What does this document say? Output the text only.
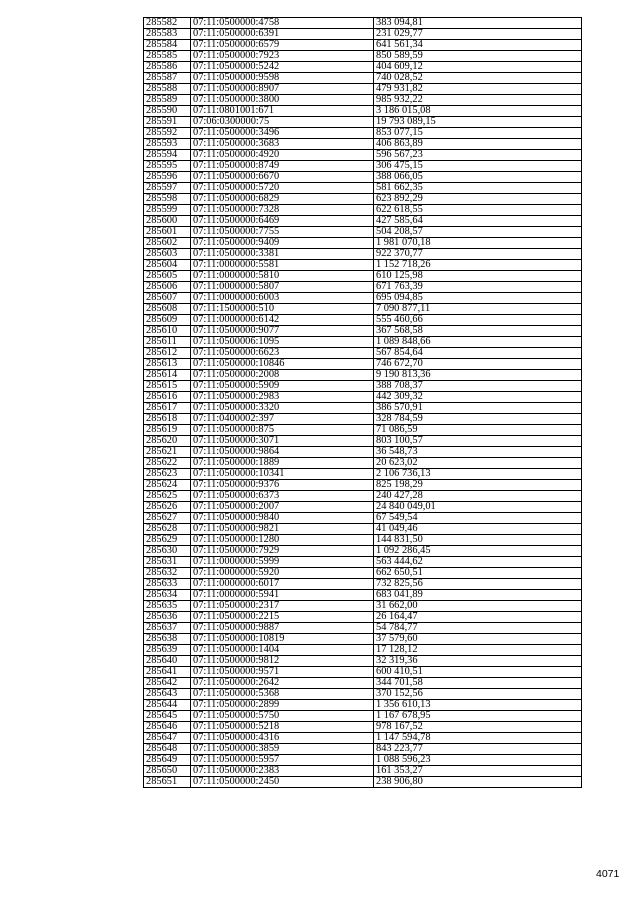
285582	07:11:0500000:4758	383 094,81
285583	07:11:0500000:6391	231 029,77
285584	07:11:0500000:6579	641 561,34
285585	07:11:0500000:7923	850 589,59
285586	07:11:0500000:5242	404 609,12
285587	07:11:0500000:9598	740 028,52
285588	07:11:0500000:8907	479 931,82
285589	07:11:0500000:3800	985 932,22
285590	07:11:0801001:671	3 186 015,08
285591	07:06:0300000:75	19 793 089,15
285592	07:11:0500000:3496	853 077,15
285593	07:11:0500000:3683	406 863,89
285594	07:11:0500000:4920	596 567,23
285595	07:11:0500000:8749	306 475,15
285596	07:11:0500000:6670	388 066,05
285597	07:11:0500000:5720	581 662,35
285598	07:11:0500000:6829	623 892,29
285599	07:11:0500000:7328	622 618,55
285600	07:11:0500000:6469	427 585,64
285601	07:11:0500000:7755	504 208,57
285602	07:11:0500000:9409	1 981 070,18
285603	07:11:0500000:3381	922 370,77
285604	07:11:0000000:5581	1 152 718,26
285605	07:11:0000000:5810	610 125,98
285606	07:11:0000000:5807	671 763,39
285607	07:11:0000000:6003	695 094,85
285608	07:11:1500000:510	7 090 877,11
285609	07:11:0000000:6142	555 460,66
285610	07:11:0500000:9077	367 568,58
285611	07:11:0500006:1095	1 089 848,66
285612	07:11:0500000:6623	567 854,64
285613	07:11:0500000:10846	746 672,70
285614	07:11:0500000:2008	9 190 813,36
285615	07:11:0500000:5909	388 708,37
285616	07:11:0500000:2983	442 309,32
285617	07:11:0500000:3320	386 570,91
285618	07:11:0400002:397	328 784,59
285619	07:11:0500000:875	71 086,59
285620	07:11:0500000:3071	803 100,57
285621	07:11:0500000:9864	36 548,73
285622	07:11:0500000:1889	20 623,02
285623	07:11:0500000:10341	2 106 736,13
285624	07:11:0500000:9376	825 198,29
285625	07:11:0500000:6373	240 427,28
285626	07:11:0500000:2007	24 840 049,01
285627	07:11:0500000:9840	67 549,54
285628	07:11:0500000:9821	41 049,46
285629	07:11:0500000:1280	144 831,50
285630	07:11:0500000:7929	1 092 286,45
285631	07:11:0000000:5999	563 444,62
285632	07:11:0000000:5920	662 650,51
285633	07:11:0000000:6017	732 825,56
285634	07:11:0000000:5941	683 041,89
285635	07:11:0500000:2317	31 662,00
285636	07:11:0500000:2215	26 164,47
285637	07:11:0500000:9887	54 784,77
285638	07:11:0500000:10819	37 579,60
285639	07:11:0500000:1404	17 128,12
285640	07:11:0500000:9812	32 319,36
285641	07:11:0500000:9571	600 410,51
285642	07:11:0500000:2642	344 701,58
285643	07:11:0500000:5368	370 152,56
285644	07:11:0500000:2899	1 356 610,13
285645	07:11:0500000:5750	1 167 678,95
285646	07:11:0500000:5218	978 167,52
285647	07:11:0500000:4316	1 147 594,78
285648	07:11:0500000:3859	843 223,77
285649	07:11:0500000:5957	1 088 596,23
285650	07:11:0500000:2383	161 353,27
285651	07:11:0500000:2450	238 906,80
4071
